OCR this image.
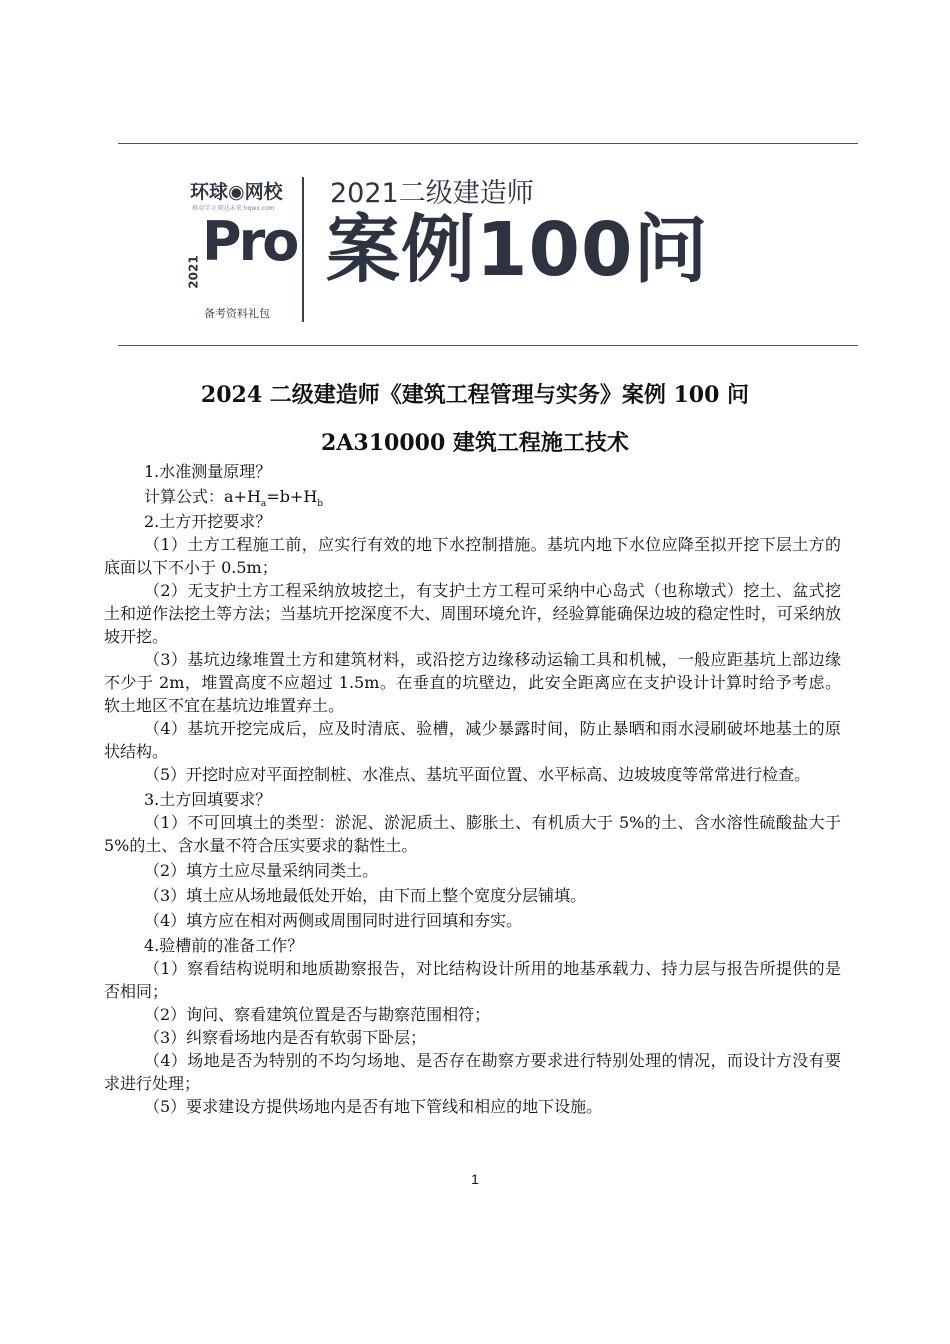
环球◉网校
移动学习 职达未来 hqwx.com
2021 Pro
备考资料礼包
2021二级建造师
案例100问
2024 二级建造师《建筑工程管理与实务》案例 100 问
2A310000 建筑工程施工技术

1.水准测量原理？

计算公式：$a+H_a=b+H_b$

2.土方开挖要求？

（1）土方工程施工前，应实行有效的地下水控制措施。基坑内地下水位应降至拟开挖下层土方的底面以下不小于 0.5m；

（2）无支护土方工程采纳放坡挖土，有支护土方工程可采纳中心岛式（也称墩式）挖土、盆式挖土和逆作法挖土等方法；当基坑开挖深度不大、周围环境允许，经验算能确保边坡的稳定性时，可采纳放坡开挖。

（3）基坑边缘堆置土方和建筑材料，或沿挖方边缘移动运输工具和机械，一般应距基坑上部边缘不少于 2m，堆置高度不应超过 1.5m。在垂直的坑壁边，此安全距离应在支护设计计算时给予考虑。 软土地区不宜在基坑边堆置弃土。

（4）基坑开挖完成后，应及时清底、验槽，减少暴露时间，防止暴晒和雨水浸刷破坏地基土的原状结构。

（5）开挖时应对平面控制桩、水准点、基坑平面位置、水平标高、边坡坡度等常常进行检查。

3.土方回填要求？

（1）不可回填土的类型：淤泥、淤泥质土、膨胀土、有机质大于 5%的土、含水溶性硫酸盐大于 5%的土、含水量不符合压实要求的黏性土。

（2）填方土应尽量采纳同类土。

（3）填土应从场地最低处开始，由下而上整个宽度分层铺填。

（4）填方应在相对两侧或周围同时进行回填和夯实。

4.验槽前的准备工作？

（1）察看结构说明和地质勘察报告，对比结构设计所用的地基承载力、持力层与报告所提供的是否相同；

（2）询问、察看建筑位置是否与勘察范围相符；

（3）纠察看场地内是否有软弱下卧层；

（4）场地是否为特别的不均匀场地、是否存在勘察方要求进行特别处理的情况，而设计方没有要求进行处理；

（5）要求建设方提供场地内是否有地下管线和相应的地下设施。

1
